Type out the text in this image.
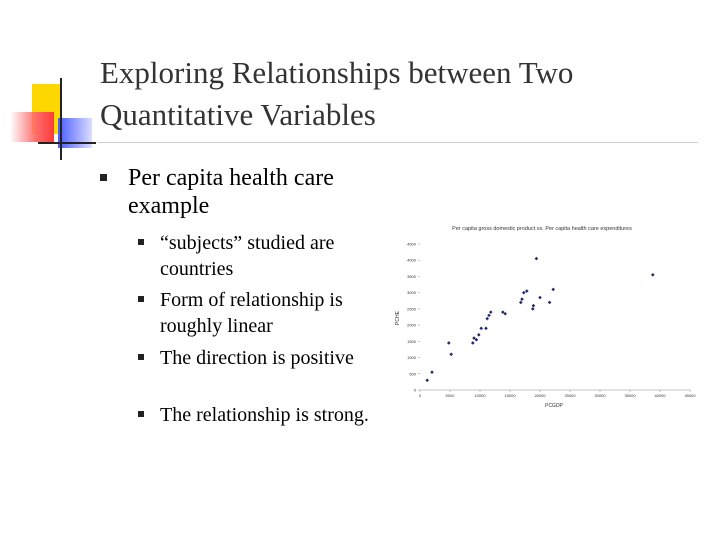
Exploring Relationships between Two Quantitative Variables
Per capita health care example
“subjects” studied are countries
Form of relationship is roughly linear
The direction is positive
The relationship is strong.
Per capita gross domestic product vs. Per capita health care expenditures
PCHE
PCGDP
0
500
1000
1500
2000
2500
3000
3500
4000
4500
0	5000	10000	15000	20000	25000	30000	35000	40000	45000
